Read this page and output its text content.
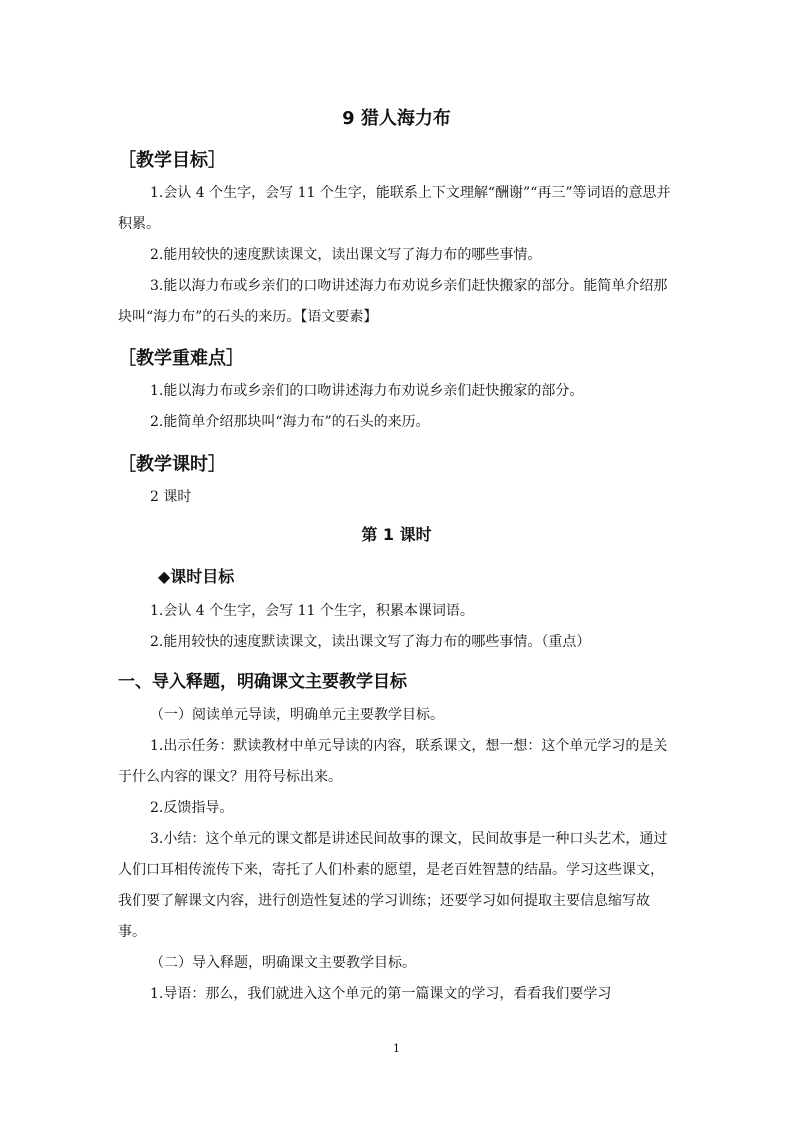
9 猎人海力布
［教学目标］

1.会认 4 个生字，会写 11 个生字，能联系上下文理解“酬谢”“再三”等词语的意思并积累。

2.能用较快的速度默读课文，读出课文写了海力布的哪些事情。

3.能以海力布或乡亲们的口吻讲述海力布劝说乡亲们赶快搬家的部分。能简单介绍那块叫“海力布”的石头的来历。【语文要素】

［教学重难点］

1.能以海力布或乡亲们的口吻讲述海力布劝说乡亲们赶快搬家的部分。

2.能简单介绍那块叫“海力布”的石头的来历。

［教学课时］

2 课时

第 1 课时
◆课时目标

1.会认 4 个生字，会写 11 个生字，积累本课词语。

2.能用较快的速度默读课文，读出课文写了海力布的哪些事情。（重点）

一、导入释题，明确课文主要教学目标

（一）阅读单元导读，明确单元主要教学目标。

1.出示任务：默读教材中单元导读的内容，联系课文，想一想：这个单元学习的是关于什么内容的课文？用符号标出来。

2.反馈指导。

3.小结：这个单元的课文都是讲述民间故事的课文，民间故事是一种口头艺术，通过人们口耳相传流传下来，寄托了人们朴素的愿望，是老百姓智慧的结晶。学习这些课文，我们要了解课文内容，进行创造性复述的学习训练；还要学习如何提取主要信息缩写故事。

（二）导入释题，明确课文主要教学目标。

1.导语：那么，我们就进入这个单元的第一篇课文的学习，看看我们要学习

1
